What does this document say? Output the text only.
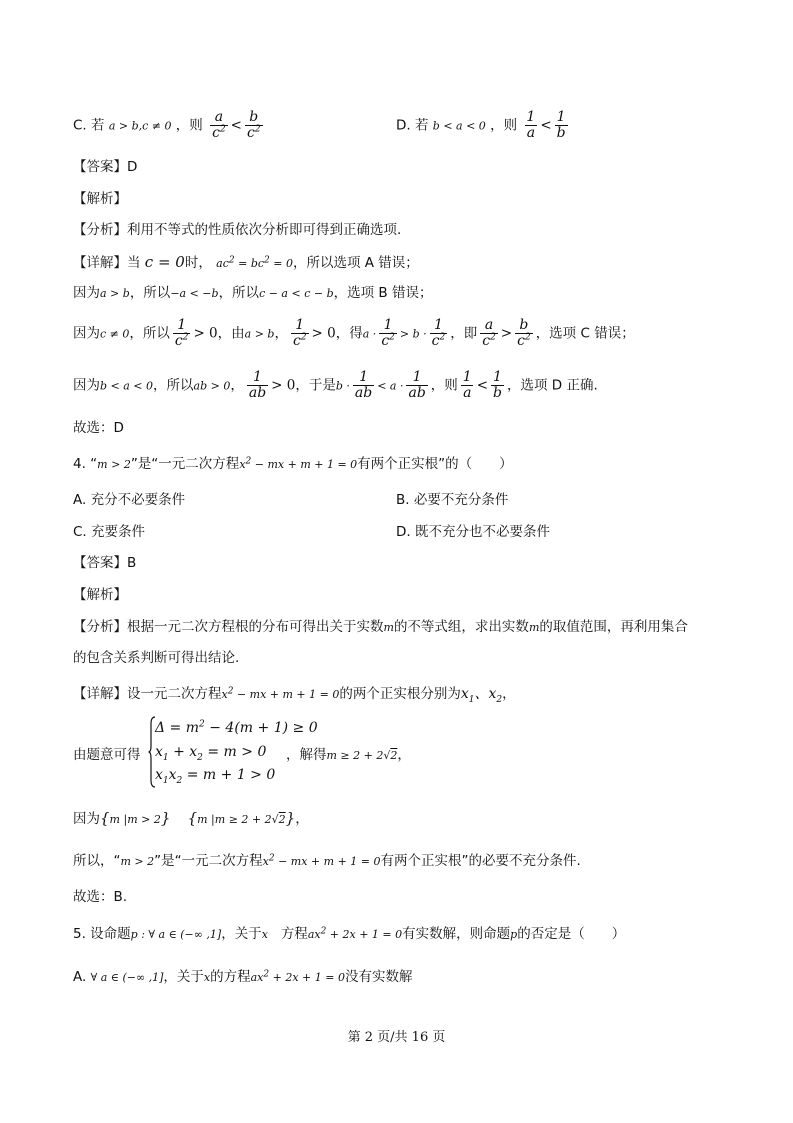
C. 若 a > b,c ≠ 0 ，则 $\frac{a}{c^2} < \frac{b}{c^2}$	D. 若 b < a < 0 ，则 $\frac{1}{a} < \frac{1}{b}$
【答案】D
【解析】
【分析】利用不等式的性质依次分析即可得到正确选项.
【详解】当 c = 0时， $ac^2 = bc^2 = 0$，所以选项 A 错误；
因为a > b，所以−a < −b，所以c − a < c − b，选项 B 错误；
因为c ≠ 0，所以 $\frac{1}{c^2} > 0$，由a > b， $\frac{1}{c^2} > 0$，得$a \cdot \frac{1}{c^2} > b \cdot \frac{1}{c^2}$ ，即 $\frac{a}{c^2} > \frac{b}{c^2}$ ，选项 C 错误；
因为b < a < 0，所以ab > 0， $\frac{1}{ab} > 0$，于是$b \cdot \frac{1}{ab} < a \cdot \frac{1}{ab}$ ，则 $\frac{1}{a} < \frac{1}{b}$ ，选项 D 正确.
故选：D
4. “m > 2”是“一元二次方程$x^2$ − mx + m + 1 = 0有两个正实根”的（　　）
A. 充分不必要条件	B. 必要不充分条件
C. 充要条件	D. 既不充分也不必要条件
【答案】B
【解析】
【分析】根据一元二次方程根的分布可得出关于实数m的不等式组，求出实数m的取值范围，再利用集合
的包含关系判断可得出结论.
【详解】设一元二次方程$x^2$ − mx + m + 1 = 0的两个正实根分别为$x_1$、$x_2$，
$\Delta = m^2 - 4(m + 1) \ge 0$
$x_1 + x_2 = m > 0$
$x_1x_2 = m + 1 > 0$
由题意可得	，解得m ≥ 2 + 2√2，
因为{m |m > 2} {m |m ≥ 2 + 2√2}，
所以，“m > 2”是“一元二次方程$x^2$ − mx + m + 1 = 0有两个正实根”的必要不充分条件.
故选：B.
5. 设命题p : ∀ a ∈ (−∞ ,1]，关于x 方程$ax^2 + 2x + 1 = 0$有实数解，则命题p的否定是（　　）
A. ∀ a ∈ (−∞ ,1]，关于x的方程$ax^2 + 2x + 1 = 0$没有实数解
第 2 页/共 16 页
